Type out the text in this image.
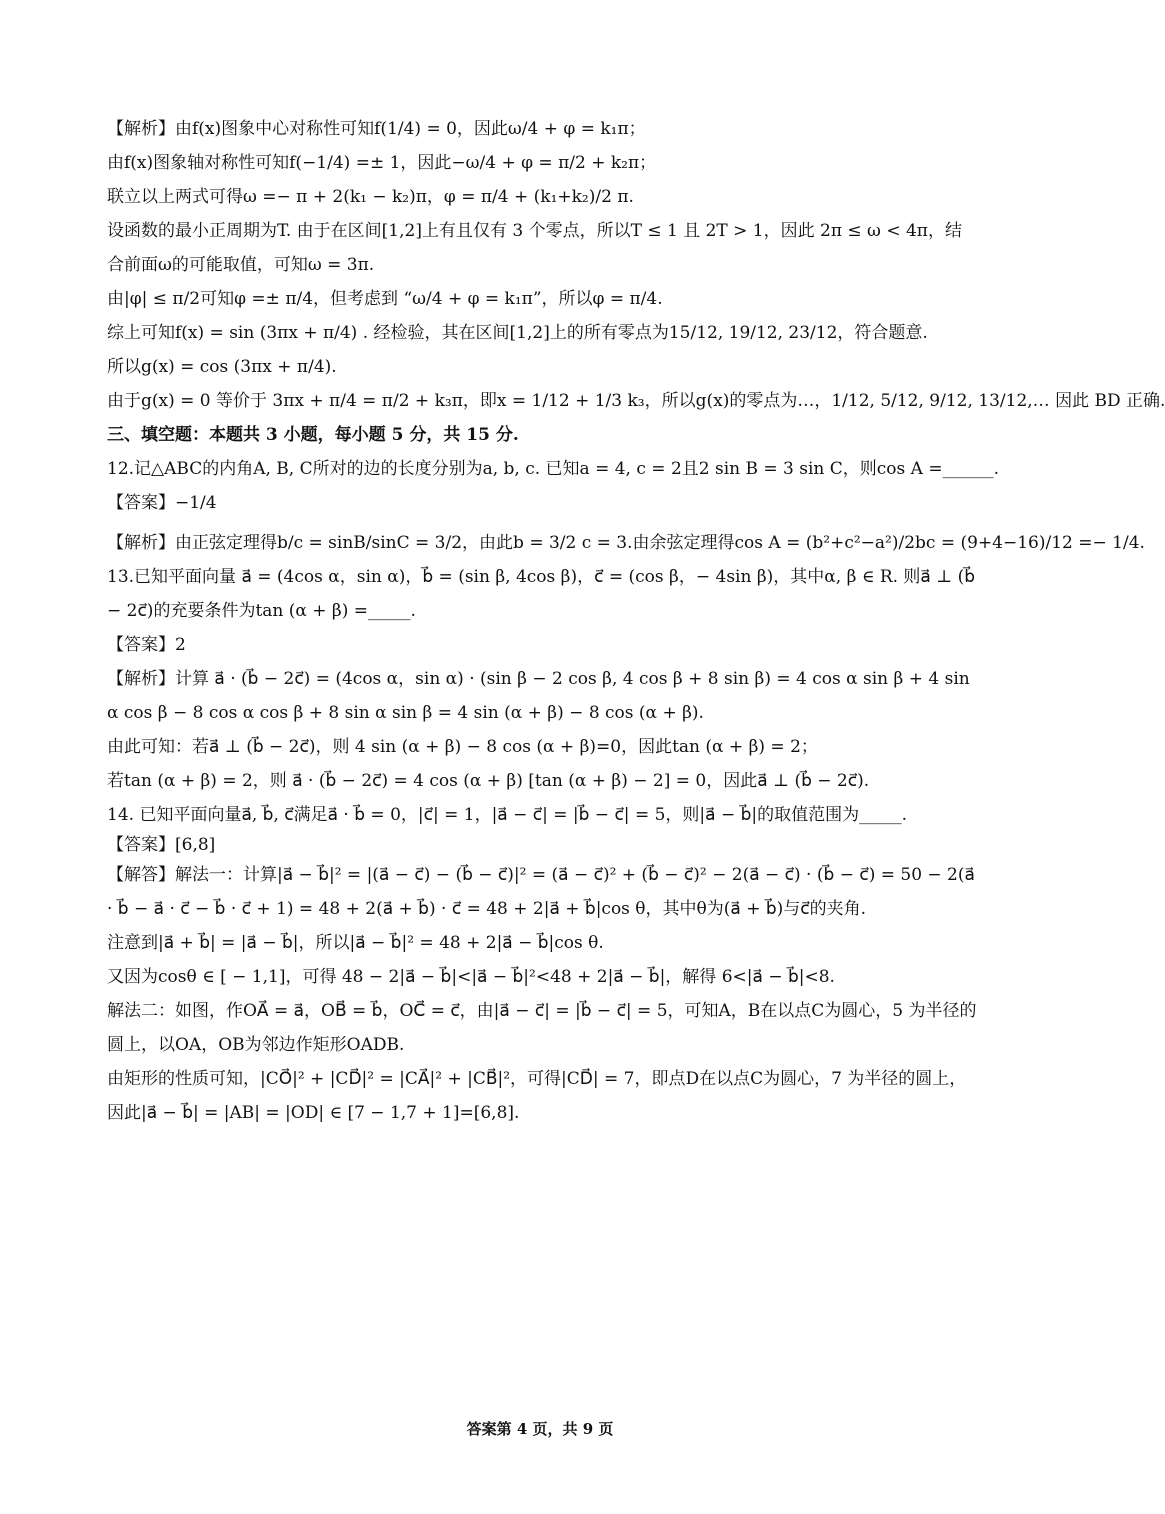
【解析】由f(x)图象中心对称性可知f(1/4) = 0，因此ω/4 + φ = k₁π；
由f(x)图象轴对称性可知f(−1/4) =± 1，因此−ω/4 + φ = π/2 + k₂π；
联立以上两式可得ω =− π + 2(k₁ − k₂)π，φ = π/4 + (k₁+k₂)/2 π.
设函数的最小正周期为T. 由于在区间[1,2]上有且仅有 3 个零点，所以T ≤ 1 且 2T > 1，因此 2π ≤ ω < 4π，结合前面ω的可能取值，可知ω = 3π.
由|φ| ≤ π/2可知φ =± π/4，但考虑到 “ω/4 + φ = k₁π”，所以φ = π/4.
综上可知f(x) = sin (3πx + π/4) . 经检验，其在区间[1,2]上的所有零点为15/12, 19/12, 23/12，符合题意.
所以g(x) = cos (3πx + π/4).
由于g(x) = 0 等价于 3πx + π/4 = π/2 + k₃π，即x = 1/12 + 1/3 k₃，所以g(x)的零点为…，1/12, 5/12, 9/12, 13/12,… 因此 BD 正确.
三、填空题：本题共 3 小题，每小题 5 分，共 15 分.
12.记△ABC的内角A, B, C所对的边的长度分别为a, b, c. 已知a = 4, c = 2且2 sin B = 3 sin C，则cos A =______.
【答案】−1/4
【解析】由正弦定理得b/c = sinB/sinC = 3/2，由此b = 3/2 c = 3.由余弦定理得cos A = (b²+c²−a²)/2bc = (9+4−16)/12 =− 1/4.
13.已知平面向量 a⃗ = (4cos α，sin α)，b⃗ = (sin β, 4cos β)，c⃗ = (cos β，− 4sin β)，其中α, β ∈ R. 则a⃗ ⊥ (b⃗ − 2c⃗)的充要条件为tan (α + β) =_____.
【答案】2
【解析】计算 a⃗ · (b⃗ − 2c⃗) = (4cos α，sin α) · (sin β − 2 cos β, 4 cos β + 8 sin β) = 4 cos α sin β + 4 sin α cos β − 8 cos α cos β + 8 sin α sin β = 4 sin (α + β) − 8 cos (α + β).
由此可知：若a⃗ ⊥ (b⃗ − 2c⃗)，则 4 sin (α + β) − 8 cos (α + β)=0，因此tan (α + β) = 2；
若tan (α + β) = 2，则 a⃗ · (b⃗ − 2c⃗) = 4 cos (α + β) [tan (α + β) − 2] = 0，因此a⃗ ⊥ (b⃗ − 2c⃗).
14. 已知平面向量a⃗, b⃗, c⃗满足a⃗ · b⃗ = 0，|c⃗| = 1，|a⃗ − c⃗| = |b⃗ − c⃗| = 5，则|a⃗ − b⃗|的取值范围为_____.
【答案】[6,8]
【解答】解法一：计算|a⃗ − b⃗|² = |(a⃗ − c⃗) − (b⃗ − c⃗)|² = (a⃗ − c⃗)² + (b⃗ − c⃗)² − 2(a⃗ − c⃗) · (b⃗ − c⃗) = 50 − 2(a⃗ · b⃗ − a⃗ · c⃗ − b⃗ · c⃗ + 1) = 48 + 2(a⃗ + b⃗) · c⃗ = 48 + 2|a⃗ + b⃗|cos θ，其中θ为(a⃗ + b⃗)与c⃗的夹角.
注意到|a⃗ + b⃗| = |a⃗ − b⃗|，所以|a⃗ − b⃗|² = 48 + 2|a⃗ − b⃗|cos θ.
又因为cosθ ∈ [ − 1,1]，可得 48 − 2|a⃗ − b⃗|<|a⃗ − b⃗|²<48 + 2|a⃗ − b⃗|，解得 6<|a⃗ − b⃗|<8.
解法二：如图，作OA⃗ = a⃗，OB⃗ = b⃗，OC⃗ = c⃗，由|a⃗ − c⃗| = |b⃗ − c⃗| = 5，可知A，B在以点C为圆心，5 为半径的圆上，以OA，OB为邻边作矩形OADB.
由矩形的性质可知，|CO⃗|² + |CD⃗|² = |CA⃗|² + |CB⃗|²，可得|CD⃗| = 7，即点D在以点C为圆心，7 为半径的圆上，
因此|a⃗ − b⃗| = |AB| = |OD| ∈ [7 − 1,7 + 1]=[6,8].
答案第 4 页，共 9 页
